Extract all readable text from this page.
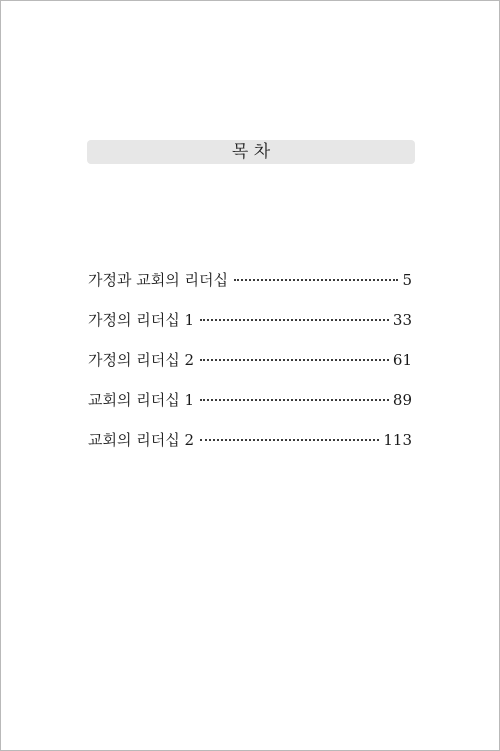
목 차
가정과 교회의 리더십	5
가정의 리더십 1	33
가정의 리더십 2	61
교회의 리더십 1	89
교회의 리더십 2	113
